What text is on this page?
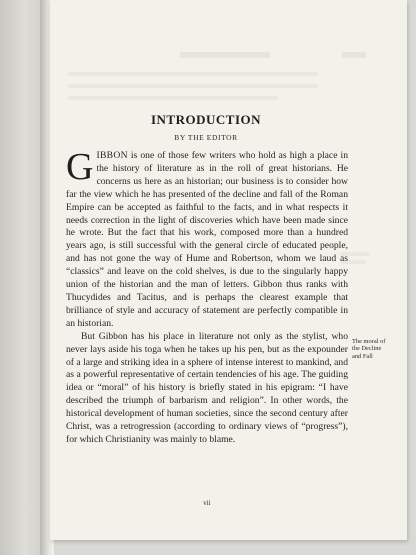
INTRODUCTION
BY THE EDITOR

GIBBON is one of those few writers who hold as high a place in the history of literature as in the roll of great historians. He concerns us here as an historian; our business is to consider how far the view which he has presented of the decline and fall of the Roman Empire can be accepted as faithful to the facts, and in what respects it needs correction in the light of discoveries which have been made since he wrote. But the fact that his work, composed more than a hundred years ago, is still successful with the general circle of educated people, and has not gone the way of Hume and Robertson, whom we laud as “classics” and leave on the cold shelves, is due to the singularly happy union of the historian and the man of letters. Gibbon thus ranks with Thucydides and Tacitus, and is perhaps the clearest example that brilliance of style and accuracy of statement are perfectly compatible in an historian.

But Gibbon has his place in literature not only as the stylist, who never lays aside his toga when he takes up his pen, but as the expounder of a large and striking idea in a sphere of intense interest to mankind, and as a powerful representative of certain tendencies of his age. The guiding idea or “moral” of his history is briefly stated in his epigram: “I have described the triumph of barbarism and religion”. In other words, the historical development of human societies, since the second century after Christ, was a retrogression (according to ordinary views of “progress”), for which Christianity was mainly to blame.

The moral of the Decline and Fall
vii
